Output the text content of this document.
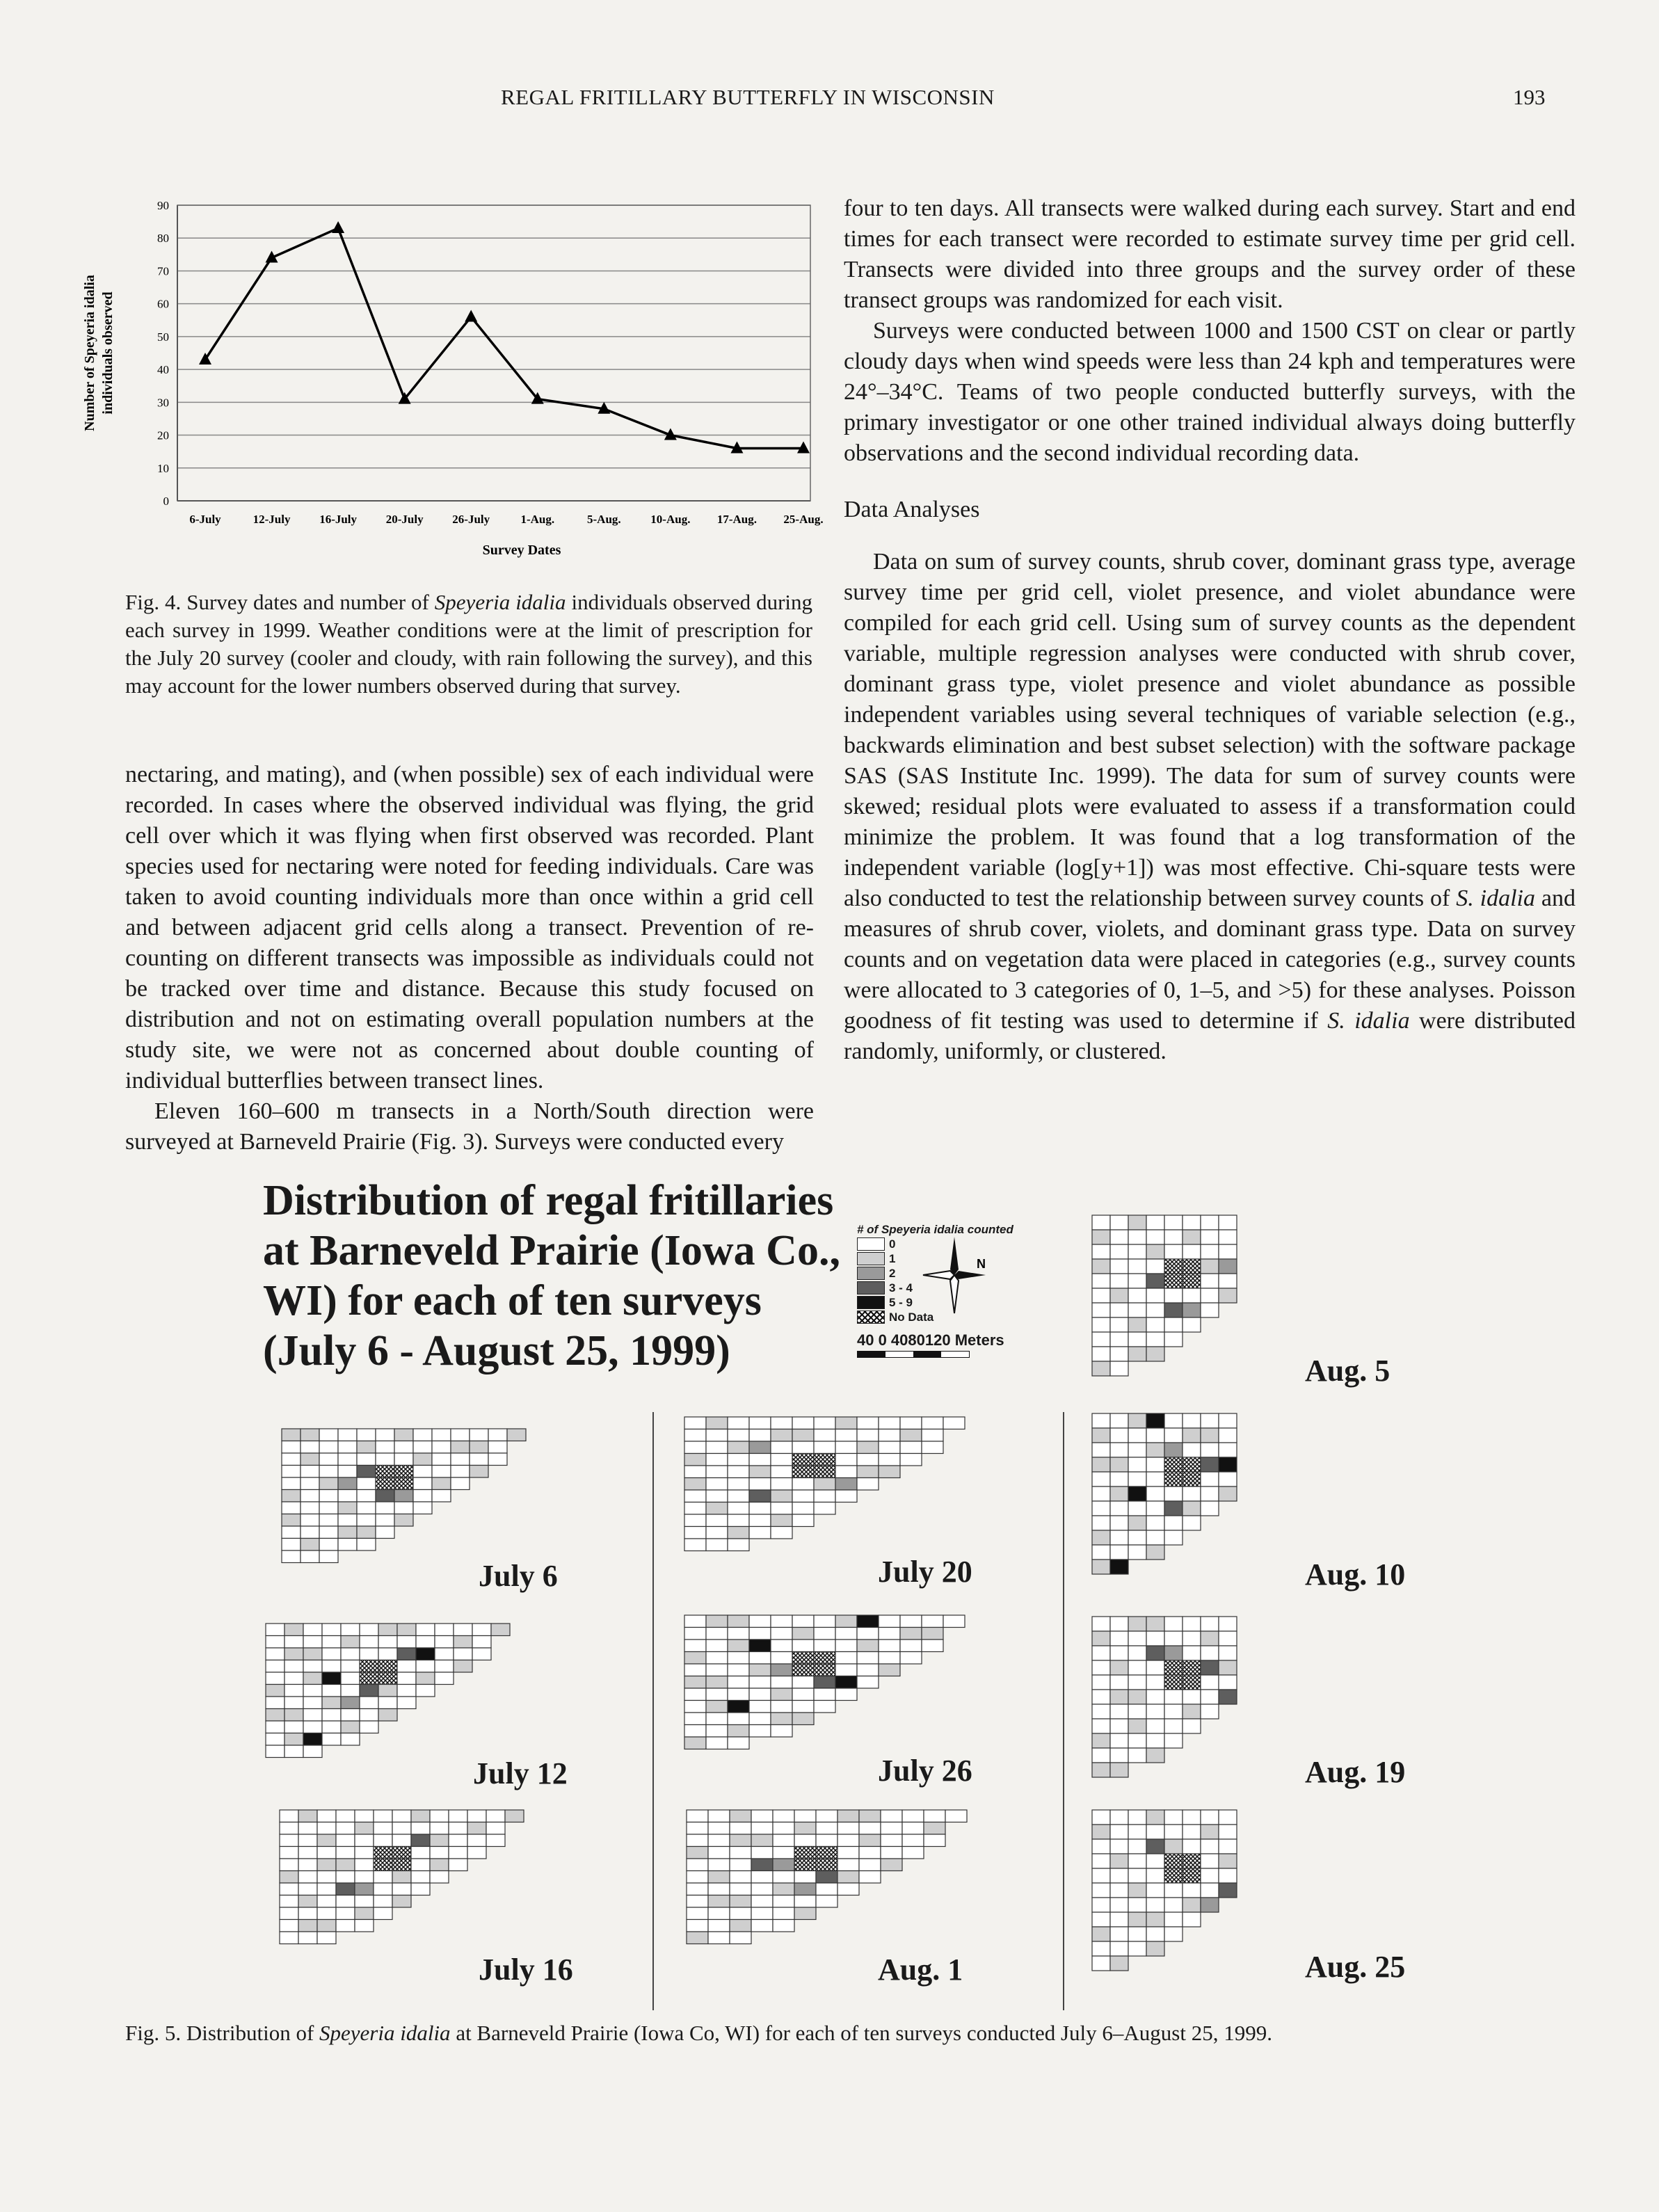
REGAL FRITILLARY BUTTERFLY IN WISCONSIN	193
0
10
20
30
40
50
60
70
80
90
6-July	12-July 16-July 20-July 26-July	1-Aug.	5-Aug.	10-Aug. 17-Aug. 25-Aug.
Survey Dates
Number of Speyeria idalia individuals observed
Fig. 4. Survey dates and number of Speyeria idalia individuals observed during each survey in 1999. Weather conditions were at the limit of prescription for the July 20 survey (cooler and cloudy, with rain following the survey), and this may account for the lower numbers observed during that survey.

four to ten days. All transects were walked during each survey. Start and end times for each transect were recorded to estimate survey time per grid cell. Transects were divided into three groups and the survey order of these transect groups was randomized for each visit.

Surveys were conducted between 1000 and 1500 CST on clear or partly cloudy days when wind speeds were less than 24 kph and temperatures were 24°–34°C. Teams of two people conducted butterfly surveys, with the primary investigator or one other trained individual always doing butterfly observations and the second individual recording data.

Data Analyses

Data on sum of survey counts, shrub cover, dominant grass type, average survey time per grid cell, violet presence, and violet abundance were compiled for each grid cell. Using sum of survey counts as the dependent variable, multiple regression analyses were conducted with shrub cover, dominant grass type, violet presence and violet abundance as possible independent variables using several techniques of variable selection (e.g., backwards elimination and best subset selection) with the software package SAS (SAS Institute Inc. 1999). The data for sum of survey counts were skewed; residual plots were evaluated to assess if a transformation could minimize the problem. It was found that a log transformation of the independent variable (log[y+1]) was most effective. Chi-square tests were also conducted to test the relationship between survey counts of S. idalia and measures of shrub cover, violets, and dominant grass type. Data on survey counts and on vegetation data were placed in categories (e.g., survey counts were allocated to 3 categories of 0, 1–5, and >5) for these analyses. Poisson goodness of fit testing was used to determine if S. idalia were distributed randomly, uniformly, or clustered.

nectaring, and mating), and (when possible) sex of each individual were recorded. In cases where the observed individual was flying, the grid cell over which it was flying when first observed was recorded. Plant species used for nectaring were noted for feeding individuals. Care was taken to avoid counting individuals more than once within a grid cell and between adjacent grid cells along a transect. Prevention of re-counting on different transects was impossible as individuals could not be tracked over time and distance. Because this study focused on distribution and not on estimating overall population numbers at the study site, we were not as concerned about double counting of individual butterflies between transect lines.

Eleven 160–600 m transects in a North/South direction were surveyed at Barneveld Prairie (Fig. 3). Surveys were conducted every

Distribution of regal fritillaries
at Barneveld Prairie (Iowa Co.,
WI) for each of ten surveys
(July 6 - August 25, 1999)
# of Speyeria idalia counted
0
1
2
3 - 4
5 - 9
No Data
40 0 4080120 Meters
N
July 6
July 12
July 16
July 20
July 26
Aug. 1
Aug. 5
Aug. 10
Aug. 19
Aug. 25
Fig. 5. Distribution of Speyeria idalia at Barneveld Prairie (Iowa Co, WI) for each of ten surveys conducted July 6–August 25, 1999.
